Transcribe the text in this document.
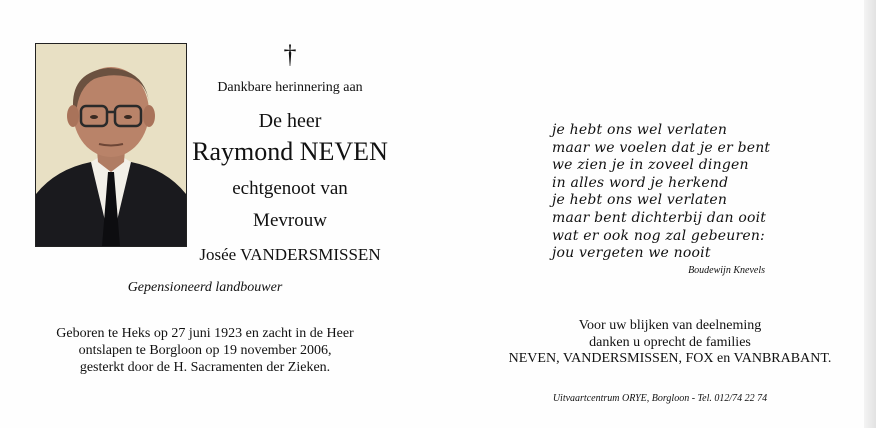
†
Dankbare herinnering aan
De heer
Raymond NEVEN
echtgenoot van
Mevrouw
Josée VANDERSMISSEN
Gepensioneerd landbouwer
Geboren te Heks op 27 juni 1923 en zacht in de Heer
ontslapen te Borgloon op 19 november 2006,
gesterkt door de H. Sacramenten der Zieken.
je hebt ons wel verlaten
maar we voelen dat je er bent
we zien je in zoveel dingen
in alles word je herkend
je hebt ons wel verlaten
maar bent dichterbij dan ooit
wat er ook nog zal gebeuren:
jou vergeten we nooit
Boudewijn Knevels
Voor uw blijken van deelneming
danken u oprecht de families
NEVEN, VANDERSMISSEN, FOX en VANBRABANT.
Uitvaartcentrum ORYE, Borgloon - Tel. 012/74 22 74
